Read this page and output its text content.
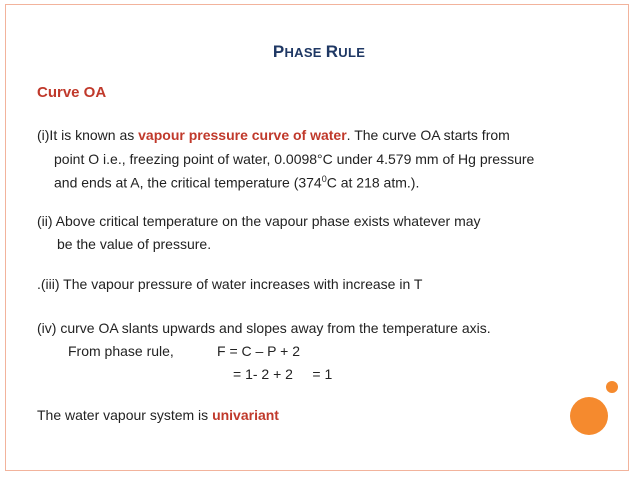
PHASE RULE
Curve OA
(i)It is known as vapour pressure curve of water. The curve OA starts from
point O i.e., freezing point of water, 0.0098°C under 4.579 mm of Hg pressure
and ends at A, the critical temperature ($374^0C$ at 218 atm.).
(ii) Above critical temperature on the vapour phase exists whatever may
be the value of pressure.
.(iii) The vapour pressure of water increases with increase in T
(iv) curve OA slants upwards and slopes away from the temperature axis.
From phase rule,	F = C – P + 2
= 1- 2 + 2     = 1
The water vapour system is univariant
